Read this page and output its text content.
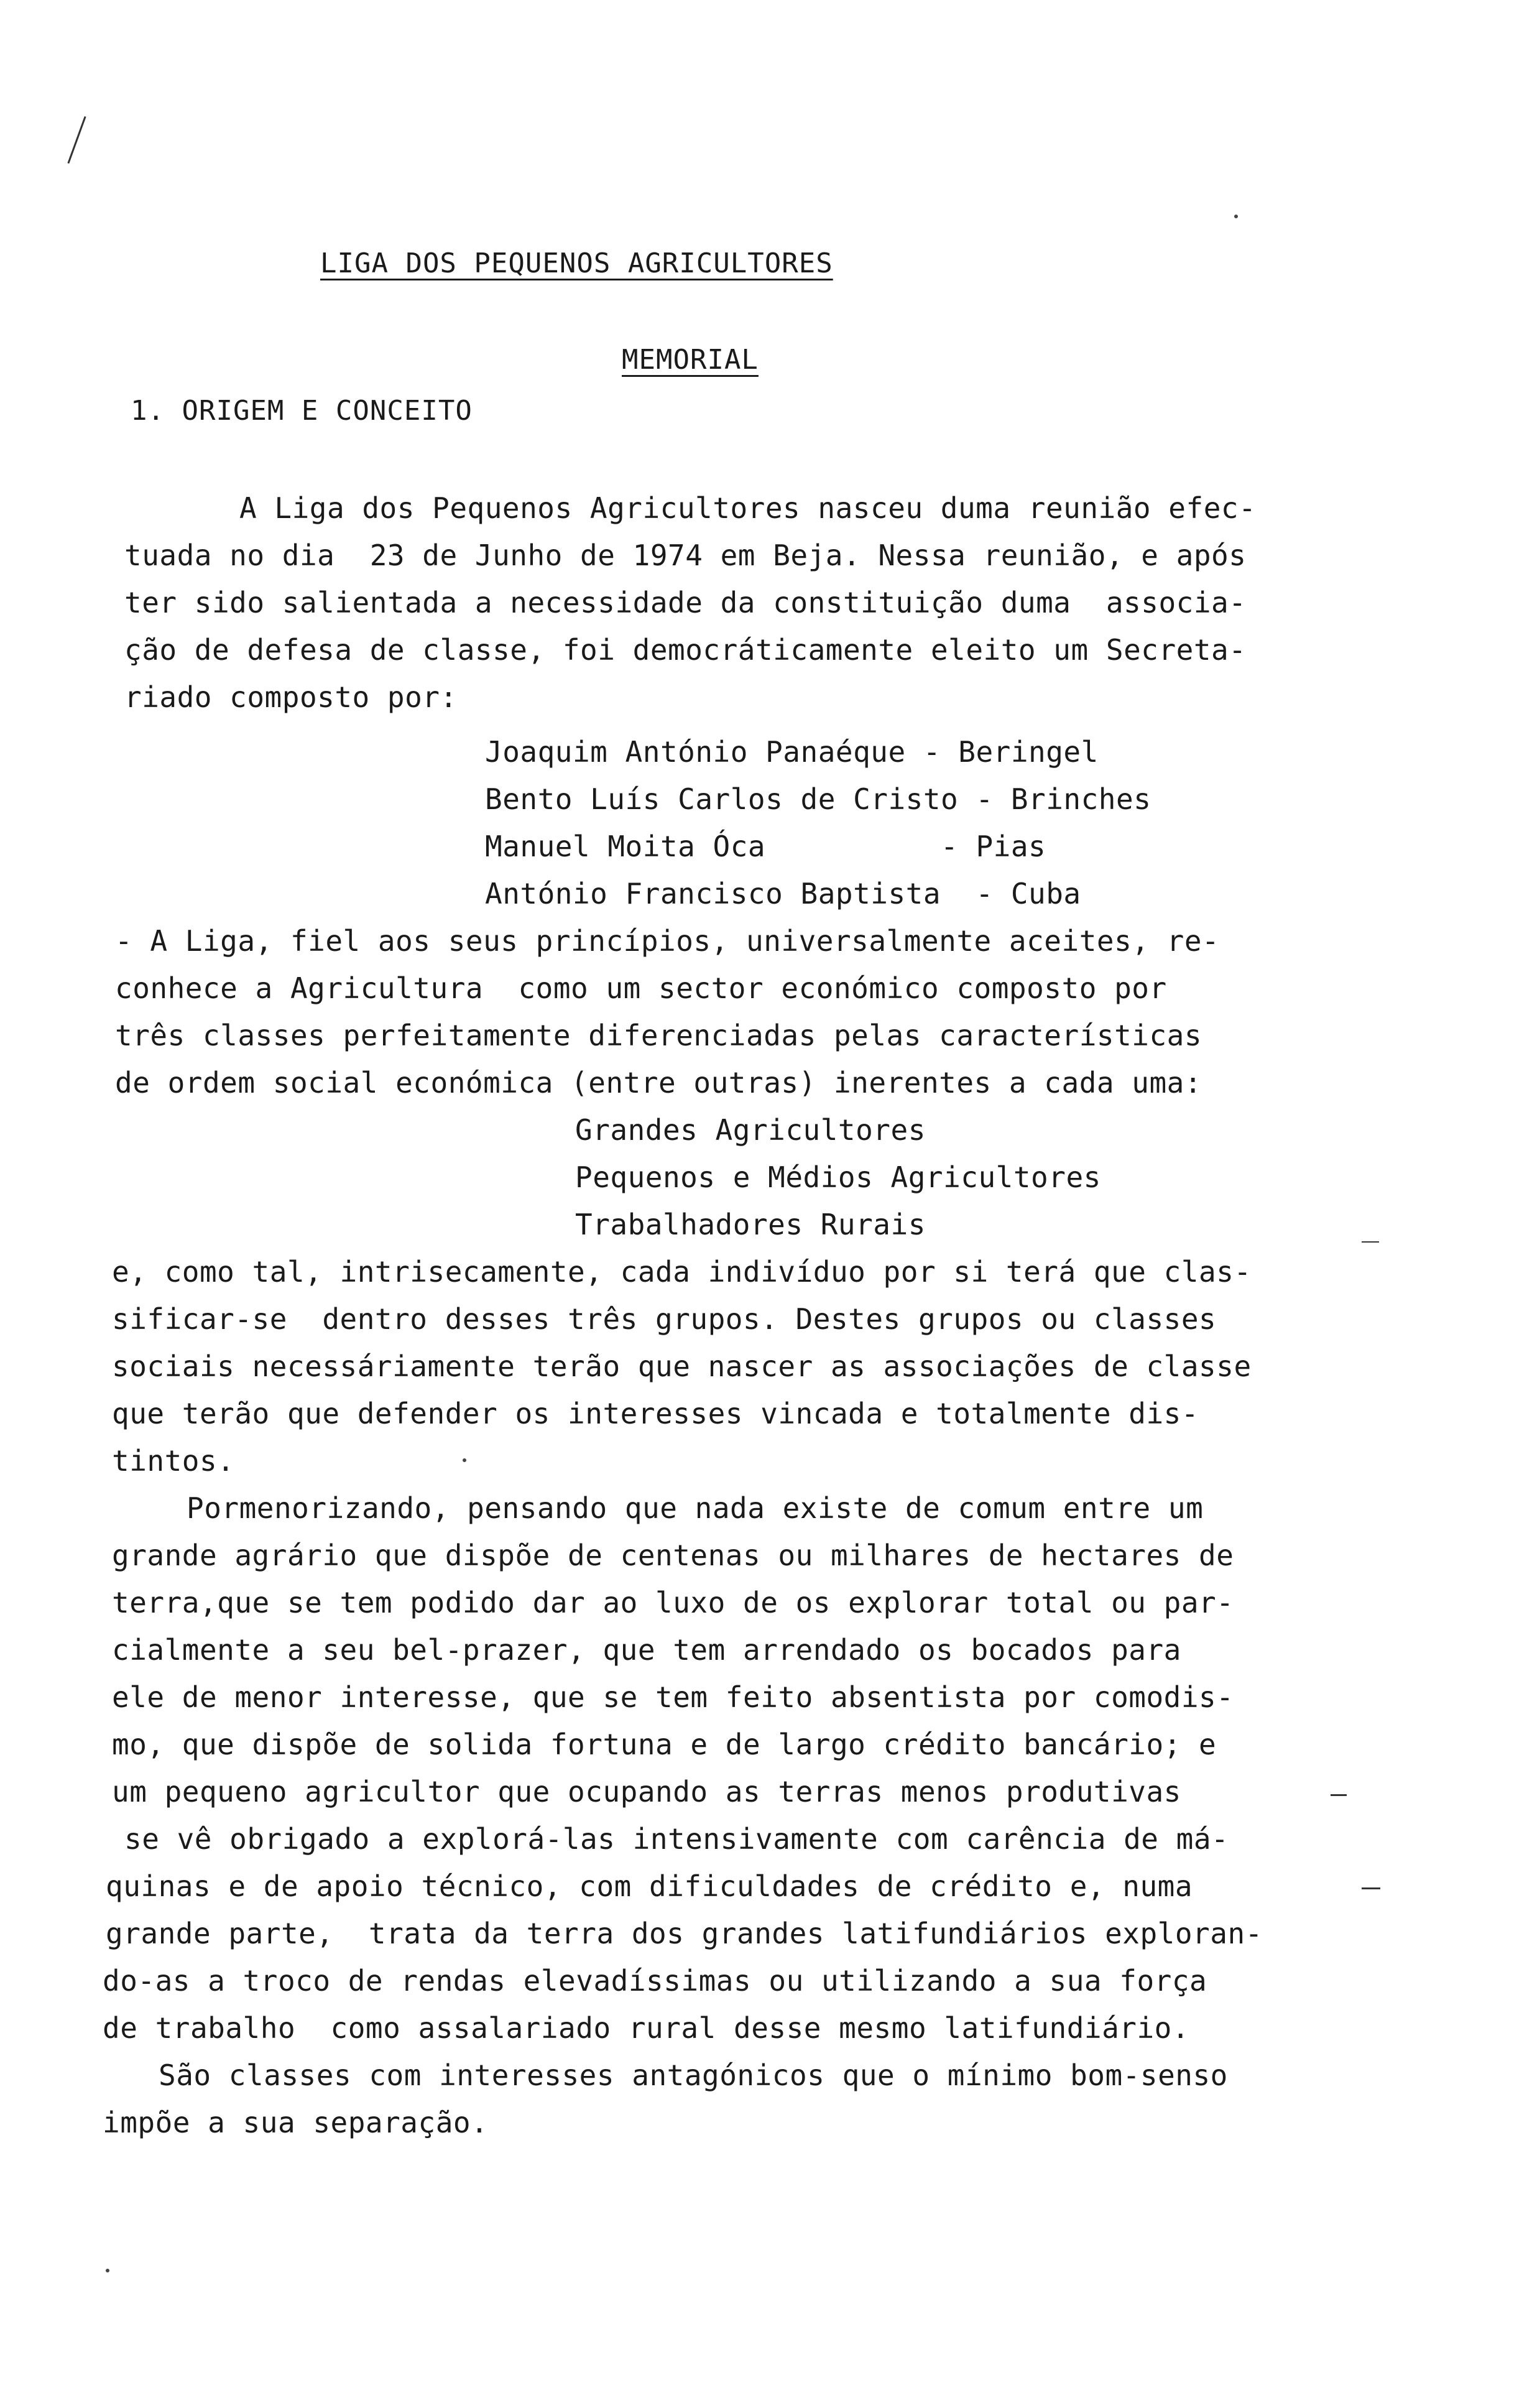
LIGA DOS PEQUENOS AGRICULTORES
MEMORIAL
1. ORIGEM E CONCEITO
A Liga dos Pequenos Agricultores nasceu duma reunião efec-
tuada no dia  23 de Junho de 1974 em Beja. Nessa reunião, e após
ter sido salientada a necessidade da constituição duma  associa-
ção de defesa de classe, foi democráticamente eleito um Secreta-
riado composto por:
Joaquim António Panaéque - Beringel
Bento Luís Carlos de Cristo - Brinches
Manuel Moita Óca          - Pias
António Francisco Baptista  - Cuba
- A Liga, fiel aos seus princípios, universalmente aceites, re-
conhece a Agricultura  como um sector económico composto por
três classes perfeitamente diferenciadas pelas características
de ordem social económica (entre outras) inerentes a cada uma:
Grandes Agricultores
Pequenos e Médios Agricultores
Trabalhadores Rurais
e, como tal, intrisecamente, cada indivíduo por si terá que clas-
sificar-se  dentro desses três grupos. Destes grupos ou classes
sociais necessáriamente terão que nascer as associações de classe
que terão que defender os interesses vincada e totalmente dis-
tintos.
Pormenorizando, pensando que nada existe de comum entre um
grande agrário que dispõe de centenas ou milhares de hectares de
terra,que se tem podido dar ao luxo de os explorar total ou par-
cialmente a seu bel-prazer, que tem arrendado os bocados para
ele de menor interesse, que se tem feito absentista por comodis-
mo, que dispõe de solida fortuna e de largo crédito bancário; e
um pequeno agricultor que ocupando as terras menos produtivas
se vê obrigado a explorá-las intensivamente com carência de má-
quinas e de apoio técnico, com dificuldades de crédito e, numa
grande parte,  trata da terra dos grandes latifundiários exploran-
do-as a troco de rendas elevadíssimas ou utilizando a sua força
de trabalho  como assalariado rural desse mesmo latifundiário.
São classes com interesses antagónicos que o mínimo bom-senso
impõe a sua separação.
